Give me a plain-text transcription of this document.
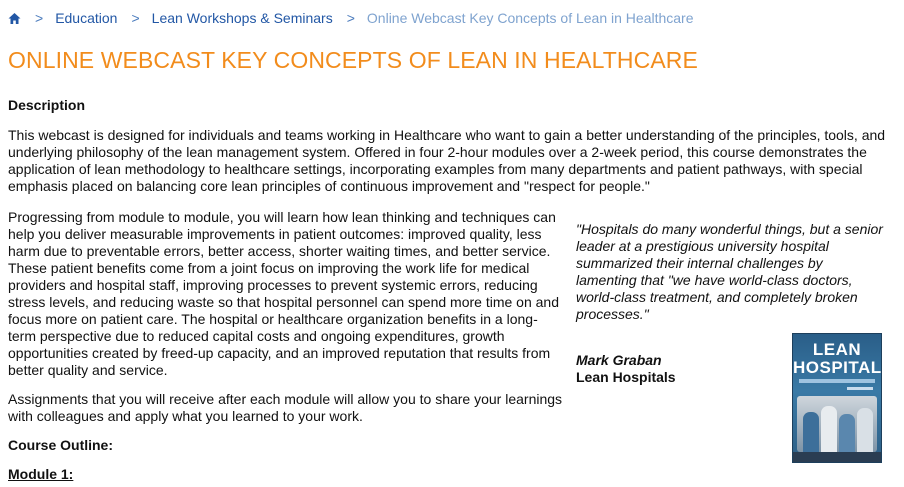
> Education > Lean Workshops & Seminars > Online Webcast Key Concepts of Lean in Healthcare
ONLINE WEBCAST KEY CONCEPTS OF LEAN IN HEALTHCARE
Description

This webcast is designed for individuals and teams working in Healthcare who want to gain a better understanding of the principles, tools, and underlying philosophy of the lean management system. Offered in four 2-hour modules over a 2-week period, this course demonstrates the application of lean methodology to healthcare settings, incorporating examples from many departments and patient pathways, with special emphasis placed on balancing core lean principles of continuous improvement and "respect for people."

Progressing from module to module, you will learn how lean thinking and techniques can help you deliver measurable improvements in patient outcomes: improved quality, less harm due to preventable errors, better access, shorter waiting times, and better service. These patient benefits come from a joint focus on improving the work life for medical providers and hospital staff, improving processes to prevent systemic errors, reducing stress levels, and reducing waste so that hospital personnel can spend more time on and focus more on patient care. The hospital or healthcare organization benefits in a long-term perspective due to reduced capital costs and ongoing expenditures, growth opportunities created by freed-up capacity, and an improved reputation that results from better quality and service.

Assignments that you will receive after each module will allow you to share your learnings with colleagues and apply what you learned to your work.

Course Outline:
Module 1:
"Hospitals do many wonderful things, but a senior leader at a prestigious university hospital summarized their internal challenges by lamenting that "we have world-class doctors, world-class treatment, and completely broken processes."
Mark Graban
Lean Hospitals
LEAN
HOSPITALS
